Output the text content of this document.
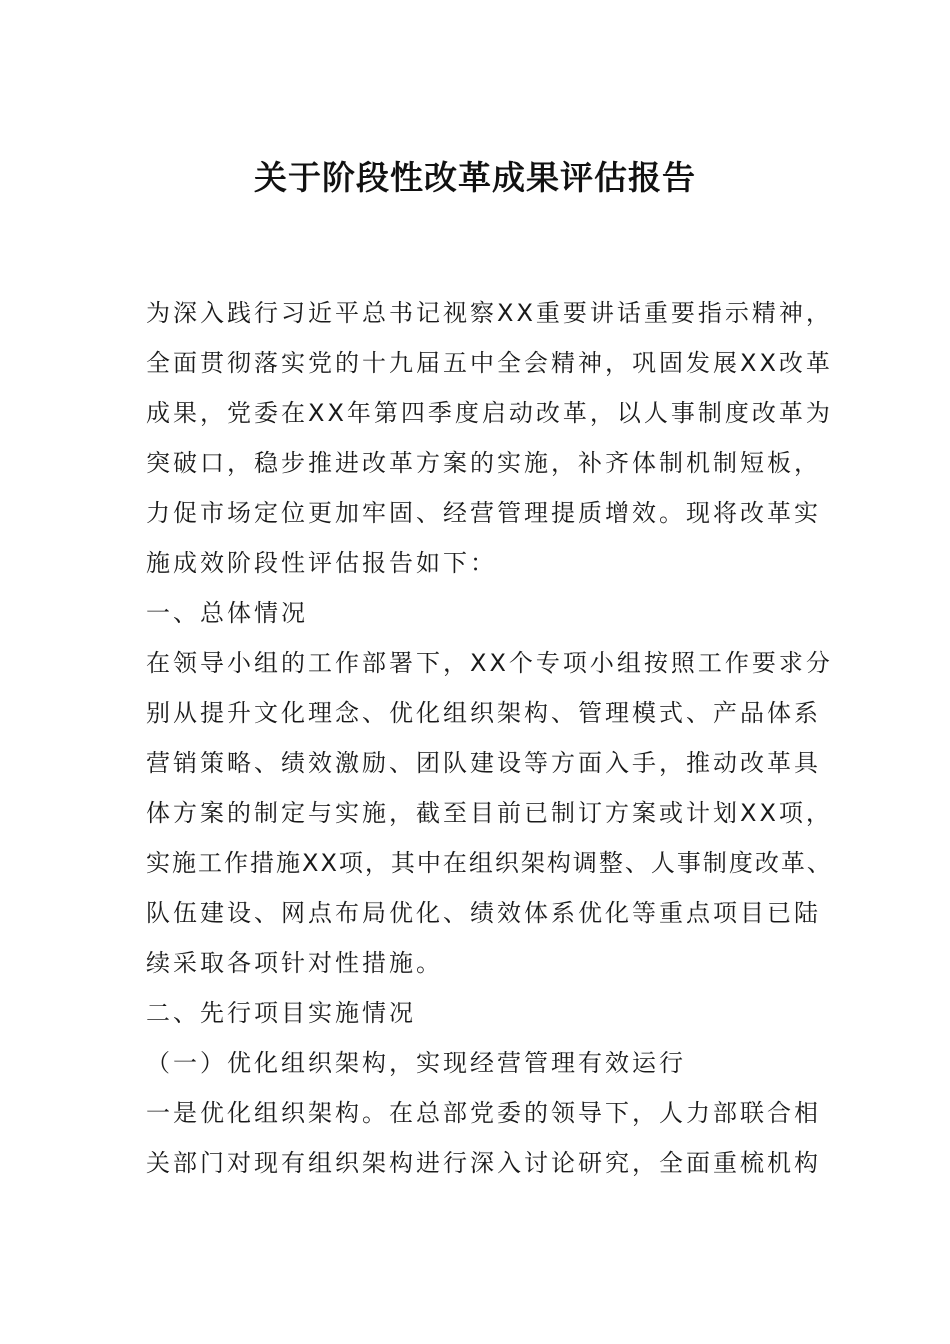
关于阶段性改革成果评估报告
为深入践行习近平总书记视察XX重要讲话重要指示精神，
全面贯彻落实党的十九届五中全会精神，巩固发展XX改革
成果，党委在XX年第四季度启动改革，以人事制度改革为
突破口，稳步推进改革方案的实施，补齐体制机制短板，
力促市场定位更加牢固、经营管理提质增效。现将改革实
施成效阶段性评估报告如下：
一、总体情况
在领导小组的工作部署下，XX个专项小组按照工作要求分
别从提升文化理念、优化组织架构、管理模式、产品体系
营销策略、绩效激励、团队建设等方面入手，推动改革具
体方案的制定与实施，截至目前已制订方案或计划XX项，
实施工作措施XX项，其中在组织架构调整、人事制度改革、
队伍建设、网点布局优化、绩效体系优化等重点项目已陆
续采取各项针对性措施。
二、先行项目实施情况
（一）优化组织架构，实现经营管理有效运行
一是优化组织架构。在总部党委的领导下，人力部联合相
关部门对现有组织架构进行深入讨论研究，全面重梳机构
